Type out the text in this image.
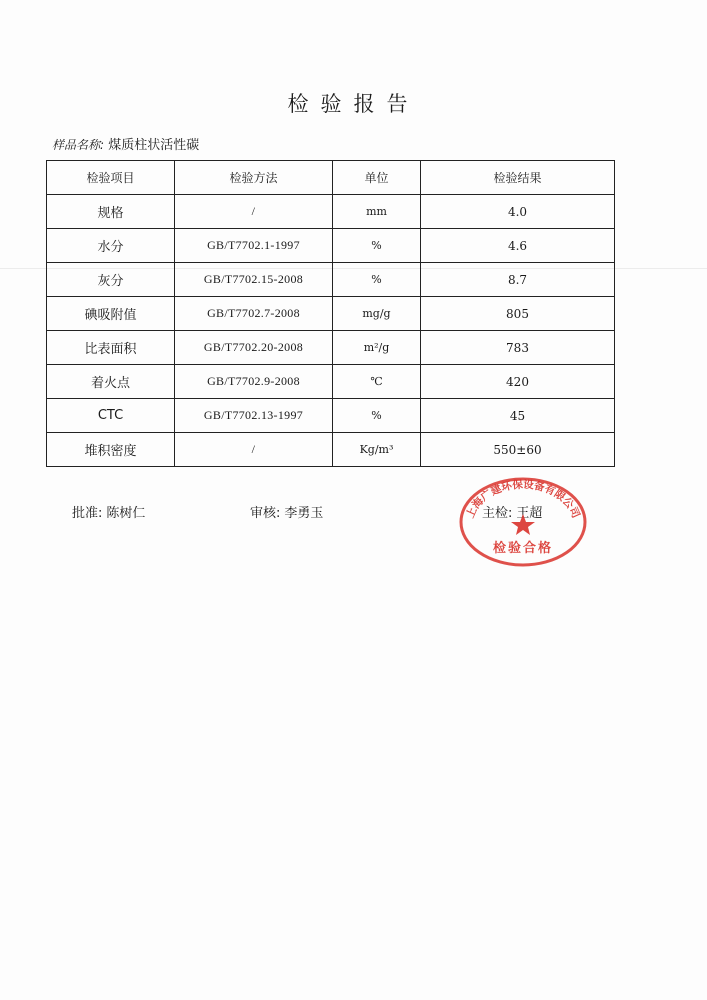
检验报告
样品名称: 煤质柱状活性碳
检验项目	检验方法	单位	检验结果
规格	/	mm	4.0
水分	GB/T7702.1-1997	%	4.6
灰分	GB/T7702.15-2008	%	8.7
碘吸附值	GB/T7702.7-2008	mg/g	805
比表面积	GB/T7702.20-2008	m²/g	783
着火点	GB/T7702.9-2008	℃	420
CTC	GB/T7702.13-1997	%	45
堆积密度	/	Kg/m³	550±60
批准: 陈树仁	审核: 李勇玉	主检: 王超
上海广建环保设备有限公司
检验合格
